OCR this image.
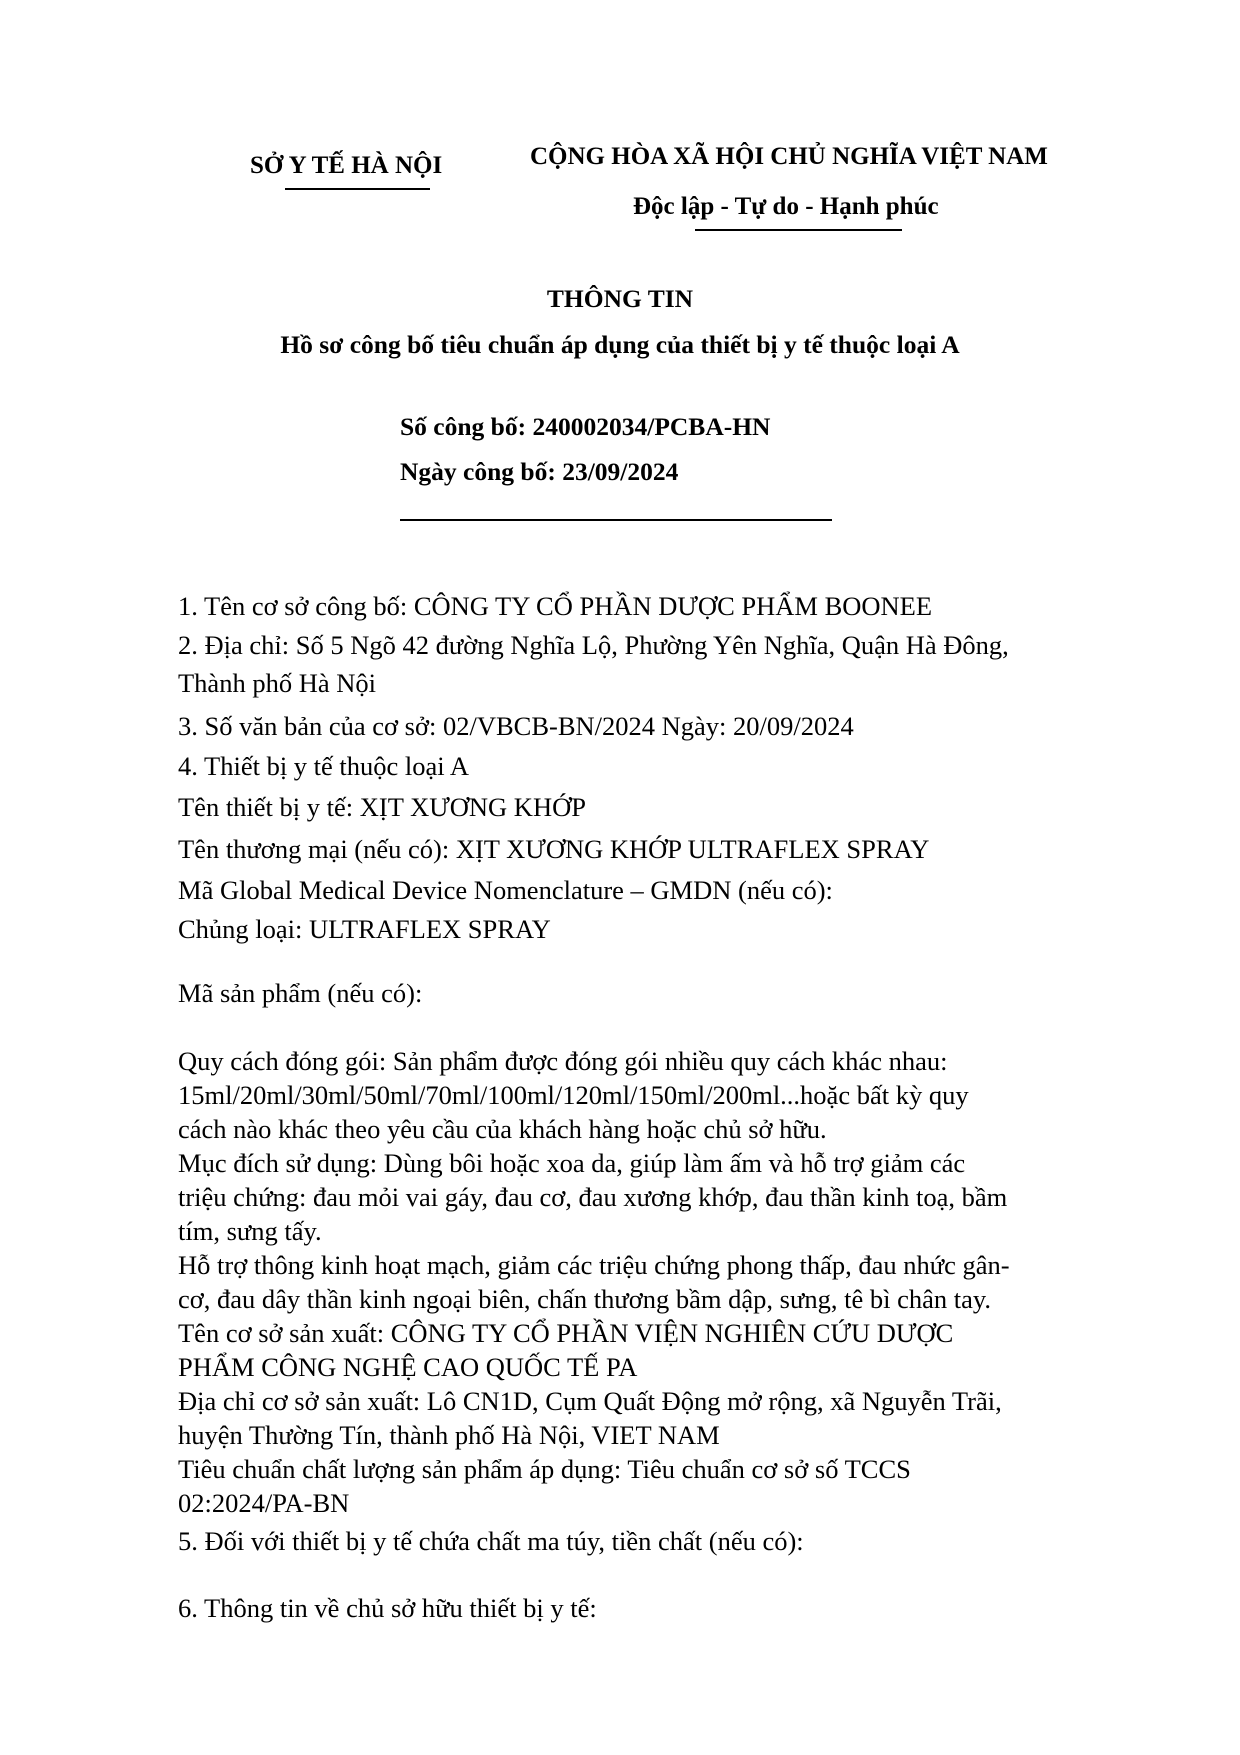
SỞ Y TẾ HÀ NỘI	CỘNG HÒA XÃ HỘI CHỦ NGHĨA VIỆT NAM
Độc lập - Tự do - Hạnh phúc
THÔNG TIN
Hồ sơ công bố tiêu chuẩn áp dụng của thiết bị y tế thuộc loại A
Số công bố: 240002034/PCBA-HN
Ngày công bố: 23/09/2024
1. Tên cơ sở công bố: CÔNG TY CỔ PHẦN DƯỢC PHẨM BOONEE
2. Địa chỉ: Số 5 Ngõ 42 đường Nghĩa Lộ, Phường Yên Nghĩa, Quận Hà Đông,
Thành phố Hà Nội
3. Số văn bản của cơ sở: 02/VBCB-BN/2024 Ngày: 20/09/2024
4. Thiết bị y tế thuộc loại A
Tên thiết bị y tế: XỊT XƯƠNG KHỚP
Tên thương mại (nếu có): XỊT XƯƠNG KHỚP ULTRAFLEX SPRAY
Mã Global Medical Device Nomenclature – GMDN (nếu có):
Chủng loại: ULTRAFLEX SPRAY
Mã sản phẩm (nếu có):
Quy cách đóng gói: Sản phẩm được đóng gói nhiều quy cách khác nhau:
15ml/20ml/30ml/50ml/70ml/100ml/120ml/150ml/200ml...hoặc bất kỳ quy
cách nào khác theo yêu cầu của khách hàng hoặc chủ sở hữu.
Mục đích sử dụng: Dùng bôi hoặc xoa da, giúp làm ấm và hỗ trợ giảm các
triệu chứng: đau mỏi vai gáy, đau cơ, đau xương khớp, đau thần kinh toạ, bầm
tím, sưng tấy.
Hỗ trợ thông kinh hoạt mạch, giảm các triệu chứng phong thấp, đau nhức gân-
cơ, đau dây thần kinh ngoại biên, chấn thương bầm dập, sưng, tê bì chân tay.
Tên cơ sở sản xuất: CÔNG TY CỔ PHẦN VIỆN NGHIÊN CỨU DƯỢC
PHẨM CÔNG NGHỆ CAO QUỐC TẾ PA
Địa chỉ cơ sở sản xuất: Lô CN1D, Cụm Quất Động mở rộng, xã Nguyễn Trãi,
huyện Thường Tín, thành phố Hà Nội, VIET NAM
Tiêu chuẩn chất lượng sản phẩm áp dụng: Tiêu chuẩn cơ sở số TCCS
02:2024/PA-BN
5. Đối với thiết bị y tế chứa chất ma túy, tiền chất (nếu có):
6. Thông tin về chủ sở hữu thiết bị y tế:
